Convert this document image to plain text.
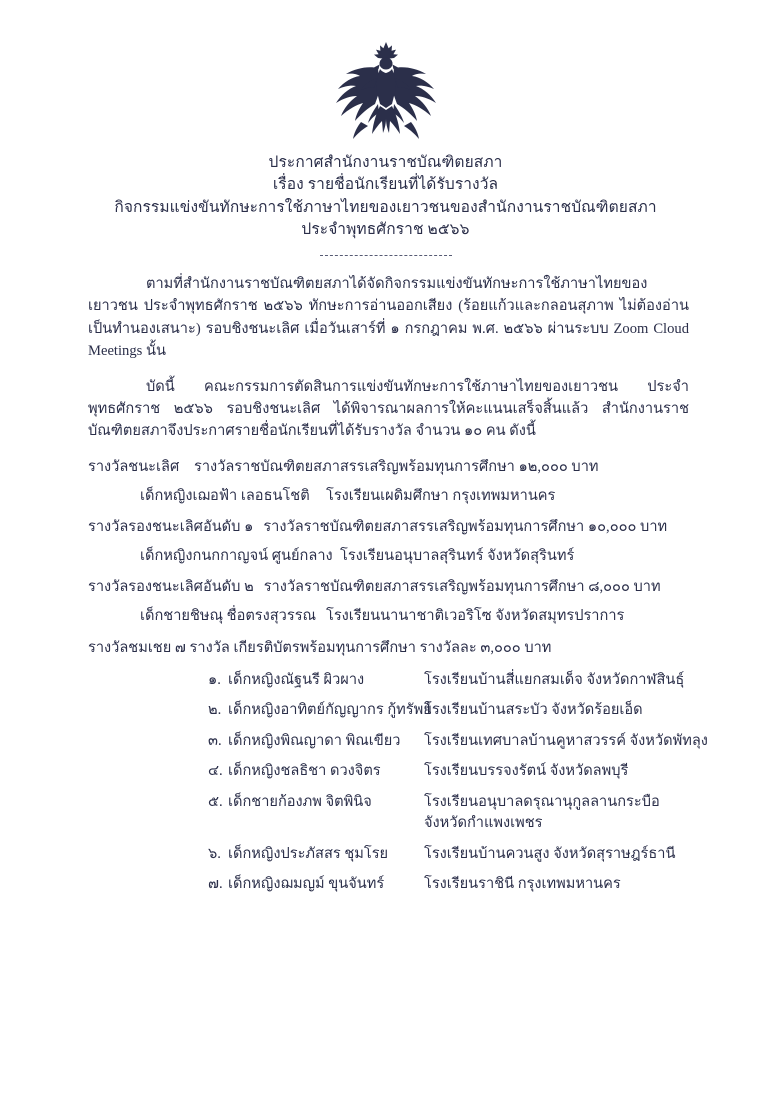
ประกาศสำนักงานราชบัณฑิตยสภา
เรื่อง รายชื่อนักเรียนที่ได้รับรางวัล
กิจกรรมแข่งขันทักษะการใช้ภาษาไทยของเยาวชนของสำนักงานราชบัณฑิตยสภา
ประจำพุทธศักราช ๒๕๖๖

ตามที่สำนักงานราชบัณฑิตยสภาได้จัดกิจกรรมแข่งขันทักษะการใช้ภาษาไทยของเยาวชน ประจำพุทธศักราช ๒๕๖๖ ทักษะการอ่านออกเสียง (ร้อยแก้วและกลอนสุภาพ ไม่ต้องอ่านเป็นทำนองเสนาะ) รอบชิงชนะเลิศ เมื่อวันเสาร์ที่ ๑ กรกฎาคม พ.ศ. ๒๕๖๖ ผ่านระบบ Zoom Cloud Meetings นั้น

บัดนี้ คณะกรรมการตัดสินการแข่งขันทักษะการใช้ภาษาไทยของเยาวชน ประจำพุทธศักราช ๒๕๖๖ รอบชิงชนะเลิศ ได้พิจารณาผลการให้คะแนนเสร็จสิ้นแล้ว สำนักงานราชบัณฑิตยสภาจึงประกาศรายชื่อนักเรียนที่ได้รับรางวัล จำนวน ๑๐ คน ดังนี้

รางวัลชนะเลิศ	รางวัลราชบัณฑิตยสภาสรรเสริญพร้อมทุนการศึกษา ๑๒,๐๐๐ บาท
เด็กหญิงเฌอฟ้า เลอธนโชติ	โรงเรียนเผดิมศึกษา กรุงเทพมหานคร
รางวัลรองชนะเลิศอันดับ ๑ รางวัลราชบัณฑิตยสภาสรรเสริญพร้อมทุนการศึกษา ๑๐,๐๐๐ บาท
เด็กหญิงกนกกาญจน์ ศูนย์กลาง โรงเรียนอนุบาลสุรินทร์ จังหวัดสุรินทร์
รางวัลรองชนะเลิศอันดับ ๒ รางวัลราชบัณฑิตยสภาสรรเสริญพร้อมทุนการศึกษา ๘,๐๐๐ บาท
เด็กชายชิษณุ ชื่อตรงสุวรรณ โรงเรียนนานาชาติเวอริโซ จังหวัดสมุทรปราการ
รางวัลชมเชย ๗ รางวัล เกียรติบัตรพร้อมทุนการศึกษา รางวัลละ ๓,๐๐๐ บาท
๑. เด็กหญิงณัฐนรี ผิวผาง	โรงเรียนบ้านสี่แยกสมเด็จ จังหวัดกาฬสินธุ์
๒. เด็กหญิงอาทิตย์กัญญากร กู้ทรัพย์
โรงเรียนบ้านสระบัว จังหวัดร้อยเอ็ด
๓. เด็กหญิงพิณญาดา พิณเขียว	โรงเรียนเทศบาลบ้านคูหาสวรรค์ จังหวัดพัทลุง
๔. เด็กหญิงชลธิชา ดวงจิตร	โรงเรียนบรรจงรัตน์ จังหวัดลพบุรี
๕. เด็กชายก้องภพ จิตพินิจ	โรงเรียนอนุบาลดรุณานุกูลลานกระบือ
จังหวัดกำแพงเพชร
๖. เด็กหญิงประภัสสร ชุมโรย	โรงเรียนบ้านควนสูง จังหวัดสุราษฎร์ธานี
๗. เด็กหญิงฌมญม์ ขุนจันทร์	โรงเรียนราชินี กรุงเทพมหานคร
